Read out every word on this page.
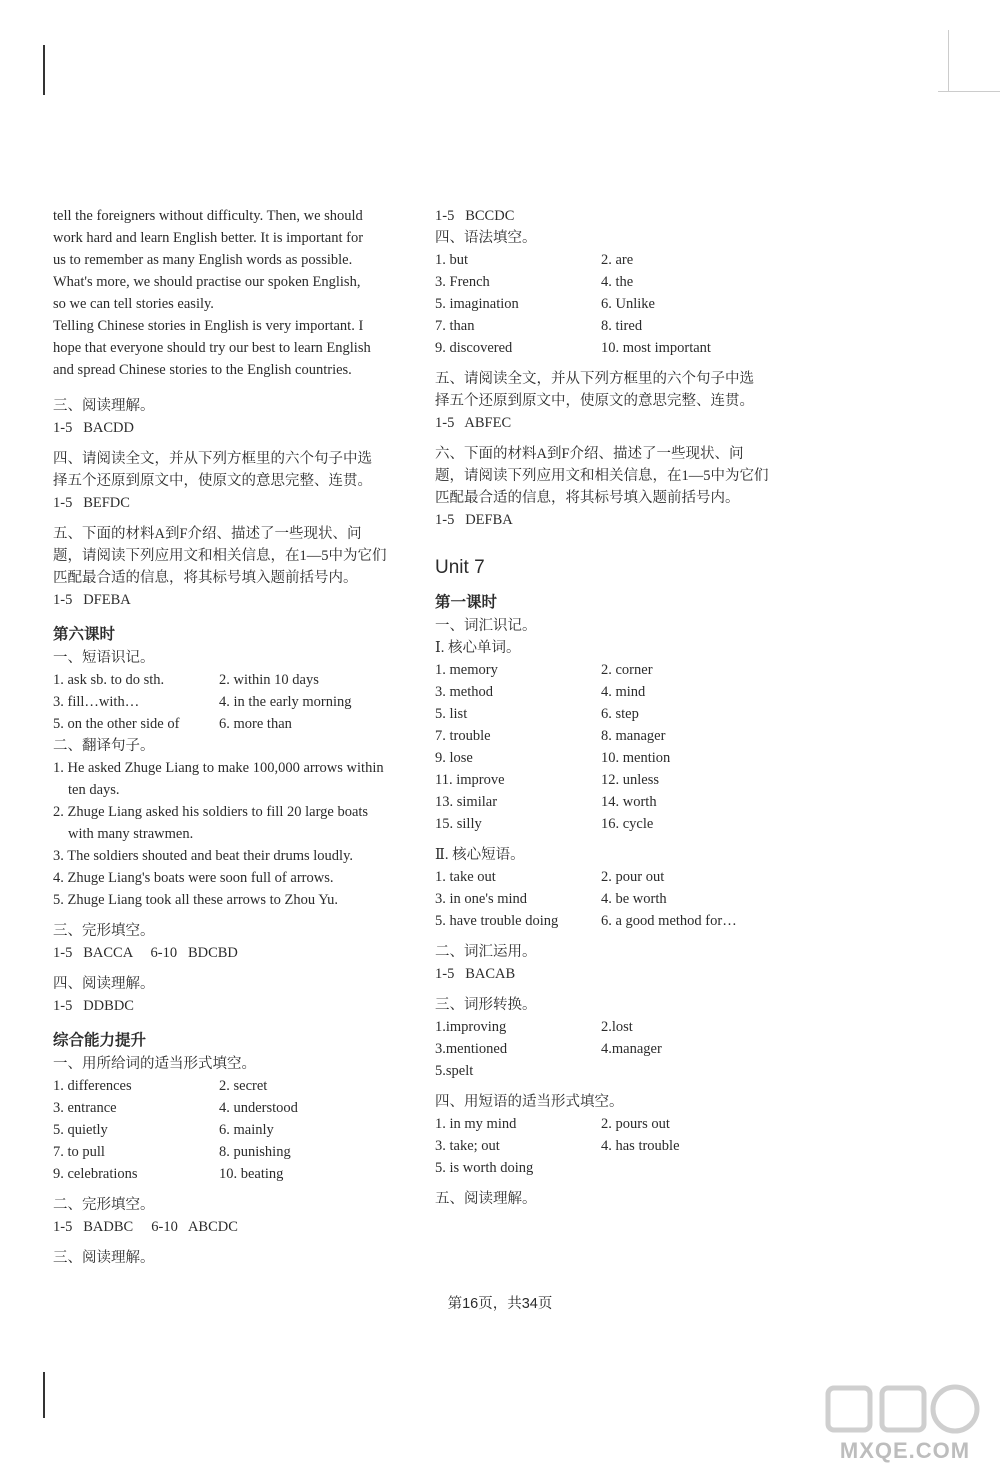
tell the foreigners without difficulty. Then, we should
work hard and learn English better. It is important for
us to remember as many English words as possible.
What's more, we should practise our spoken English,
so we can tell stories easily.
Telling Chinese stories in English is very important. I
hope that everyone should try our best to learn English
and spread Chinese stories to the English countries.
三、阅读理解。
1-5   BACDD
四、请阅读全文，并从下列方框里的六个句子中选
择五个还原到原文中，使原文的意思完整、连贯。
1-5   BEFDC
五、下面的材料A到F介绍、描述了一些现状、问
题，请阅读下列应用文和相关信息，在1—5中为它们
匹配最合适的信息，将其标号填入题前括号内。
1-5   DFEBA
第六课时
一、短语识记。
1. ask sb. to do sth.	2. within 10 days
3. fill…with…	4. in the early morning
5. on the other side of	6. more than
二、翻译句子。
1. He asked Zhuge Liang to make 100,000 arrows within
ten days.
2. Zhuge Liang asked his soldiers to fill 20 large boats
with many strawmen.
3. The soldiers shouted and beat their drums loudly.
4. Zhuge Liang's boats were soon full of arrows.
5. Zhuge Liang took all these arrows to Zhou Yu.
三、完形填空。
1-5   BACCA     6-10   BDCBD
四、阅读理解。
1-5   DDBDC
综合能力提升
一、用所给词的适当形式填空。
1. differences	2. secret
3. entrance	4. understood
5. quietly	6. mainly
7. to pull	8. punishing
9. celebrations	10. beating
二、完形填空。
1-5   BADBC     6-10   ABCDC
三、阅读理解。
1-5   BCCDC
四、语法填空。
1. but	2. are
3. French	4. the
5. imagination	6. Unlike
7. than	8. tired
9. discovered	10. most important
五、请阅读全文，并从下列方框里的六个句子中选
择五个还原到原文中，使原文的意思完整、连贯。
1-5   ABFEC
六、下面的材料A到F介绍、描述了一些现状、问
题，请阅读下列应用文和相关信息，在1—5中为它们
匹配最合适的信息，将其标号填入题前括号内。
1-5   DEFBA
Unit 7
第一课时
一、词汇识记。
Ⅰ. 核心单词。
1. memory	2. corner
3. method	4. mind
5. list	6. step
7. trouble	8. manager
9. lose	10. mention
11. improve	12. unless
13. similar	14. worth
15. silly	16. cycle
Ⅱ. 核心短语。
1. take out	2. pour out
3. in one's mind	4. be worth
5. have trouble doing	6. a good method for…
二、词汇运用。
1-5   BACAB
三、词形转换。
1.improving	2.lost
3.mentioned	4.manager
5.spelt
四、用短语的适当形式填空。
1. in my mind	2. pours out
3. take; out	4. has trouble
5. is worth doing
五、阅读理解。
第16页，共34页
MXQE.COM
